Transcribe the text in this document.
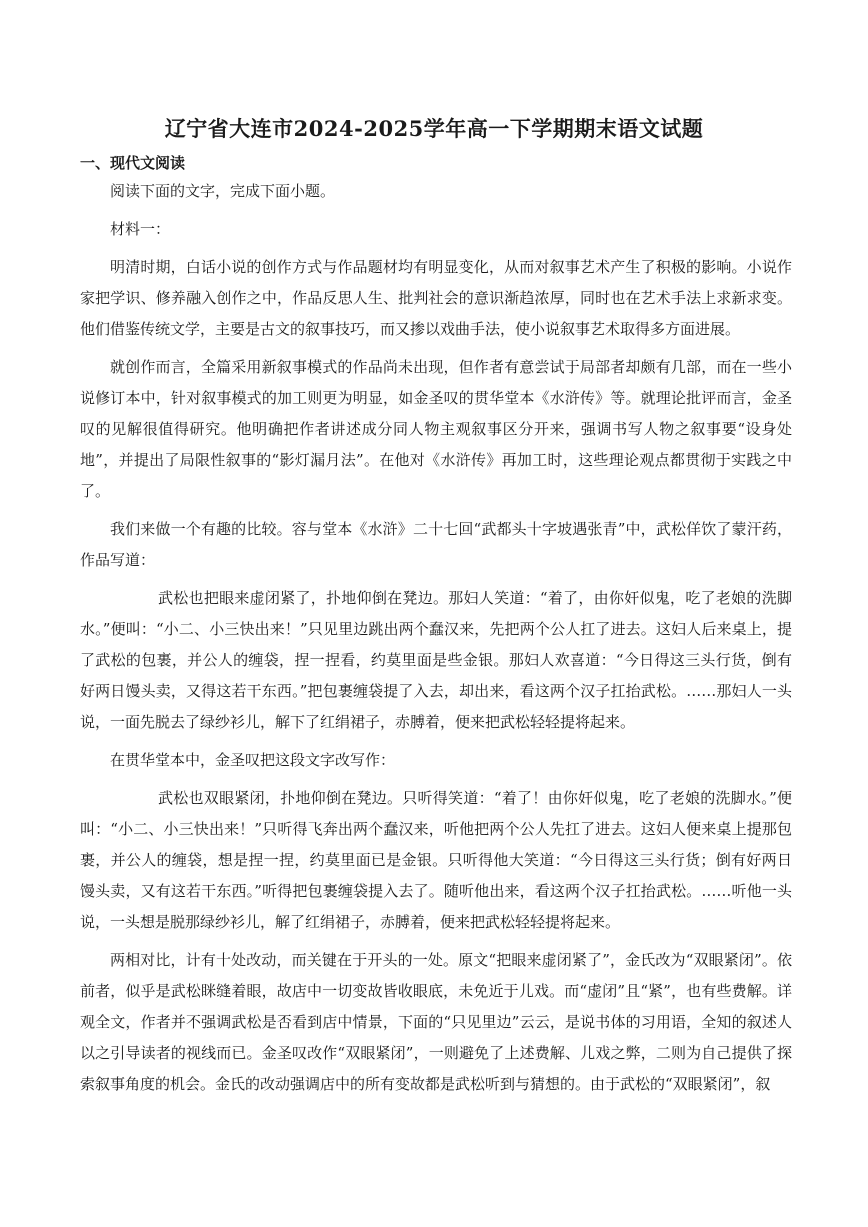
辽宁省大连市2024-2025学年高一下学期期末语文试题
一、现代文阅读

阅读下面的文字，完成下面小题。

材料一：

明清时期，白话小说的创作方式与作品题材均有明显变化，从而对叙事艺术产生了积极的影响。小说作家把学识、修养融入创作之中，作品反思人生、批判社会的意识渐趋浓厚，同时也在艺术手法上求新求变。他们借鉴传统文学，主要是古文的叙事技巧，而又掺以戏曲手法，使小说叙事艺术取得多方面进展。

就创作而言，全篇采用新叙事模式的作品尚未出现，但作者有意尝试于局部者却颇有几部，而在一些小说修订本中，针对叙事模式的加工则更为明显，如金圣叹的贯华堂本《水浒传》等。就理论批评而言，金圣叹的见解很值得研究。他明确把作者讲述成分同人物主观叙事区分开来，强调书写人物之叙事要“设身处地”，并提出了局限性叙事的“影灯漏月法”。在他对《水浒传》再加工时，这些理论观点都贯彻于实践之中了。

我们来做一个有趣的比较。容与堂本《水浒》二十七回“武都头十字坡遇张青”中，武松佯饮了蒙汗药，作品写道：

武松也把眼来虚闭紧了，扑地仰倒在凳边。那妇人笑道：“着了，由你奸似鬼，吃了老娘的洗脚水。”便叫：“小二、小三快出来！”只见里边跳出两个蠢汉来，先把两个公人扛了进去。这妇人后来桌上，提了武松的包裹，并公人的缠袋，捏一捏看，约莫里面是些金银。那妇人欢喜道：“今日得这三头行货，倒有好两日馒头卖，又得这若干东西。”把包裹缠袋提了入去，却出来，看这两个汉子扛抬武松。……那妇人一头说，一面先脱去了绿纱衫儿，解下了红绢裙子，赤膊着，便来把武松轻轻提将起来。

在贯华堂本中，金圣叹把这段文字改写作：

武松也双眼紧闭，扑地仰倒在凳边。只听得笑道：“着了！由你奸似鬼，吃了老娘的洗脚水。”便叫：“小二、小三快出来！”只听得飞奔出两个蠢汉来，听他把两个公人先扛了进去。这妇人便来桌上提那包裹，并公人的缠袋，想是捏一捏，约莫里面已是金银。只听得他大笑道：“今日得这三头行货；倒有好两日馒头卖，又有这若干东西。”听得把包裹缠袋提入去了。随听他出来，看这两个汉子扛抬武松。……听他一头说，一头想是脱那绿纱衫儿，解了红绢裙子，赤膊着，便来把武松轻轻提将起来。

两相对比，计有十处改动，而关键在于开头的一处。原文“把眼来虚闭紧了”，金氏改为“双眼紧闭”。依前者，似乎是武松眯缝着眼，故店中一切变故皆收眼底，未免近于儿戏。而“虚闭”且“紧”，也有些费解。详观全文，作者并不强调武松是否看到店中情景，下面的“只见里边”云云，是说书体的习用语，全知的叙述人以之引导读者的视线而已。金圣叹改作“双眼紧闭”，一则避免了上述费解、儿戏之弊，二则为自己提供了探索叙事角度的机会。金氏的改动强调店中的所有变故都是武松听到与猜想的。由于武松的“双眼紧闭”，叙
